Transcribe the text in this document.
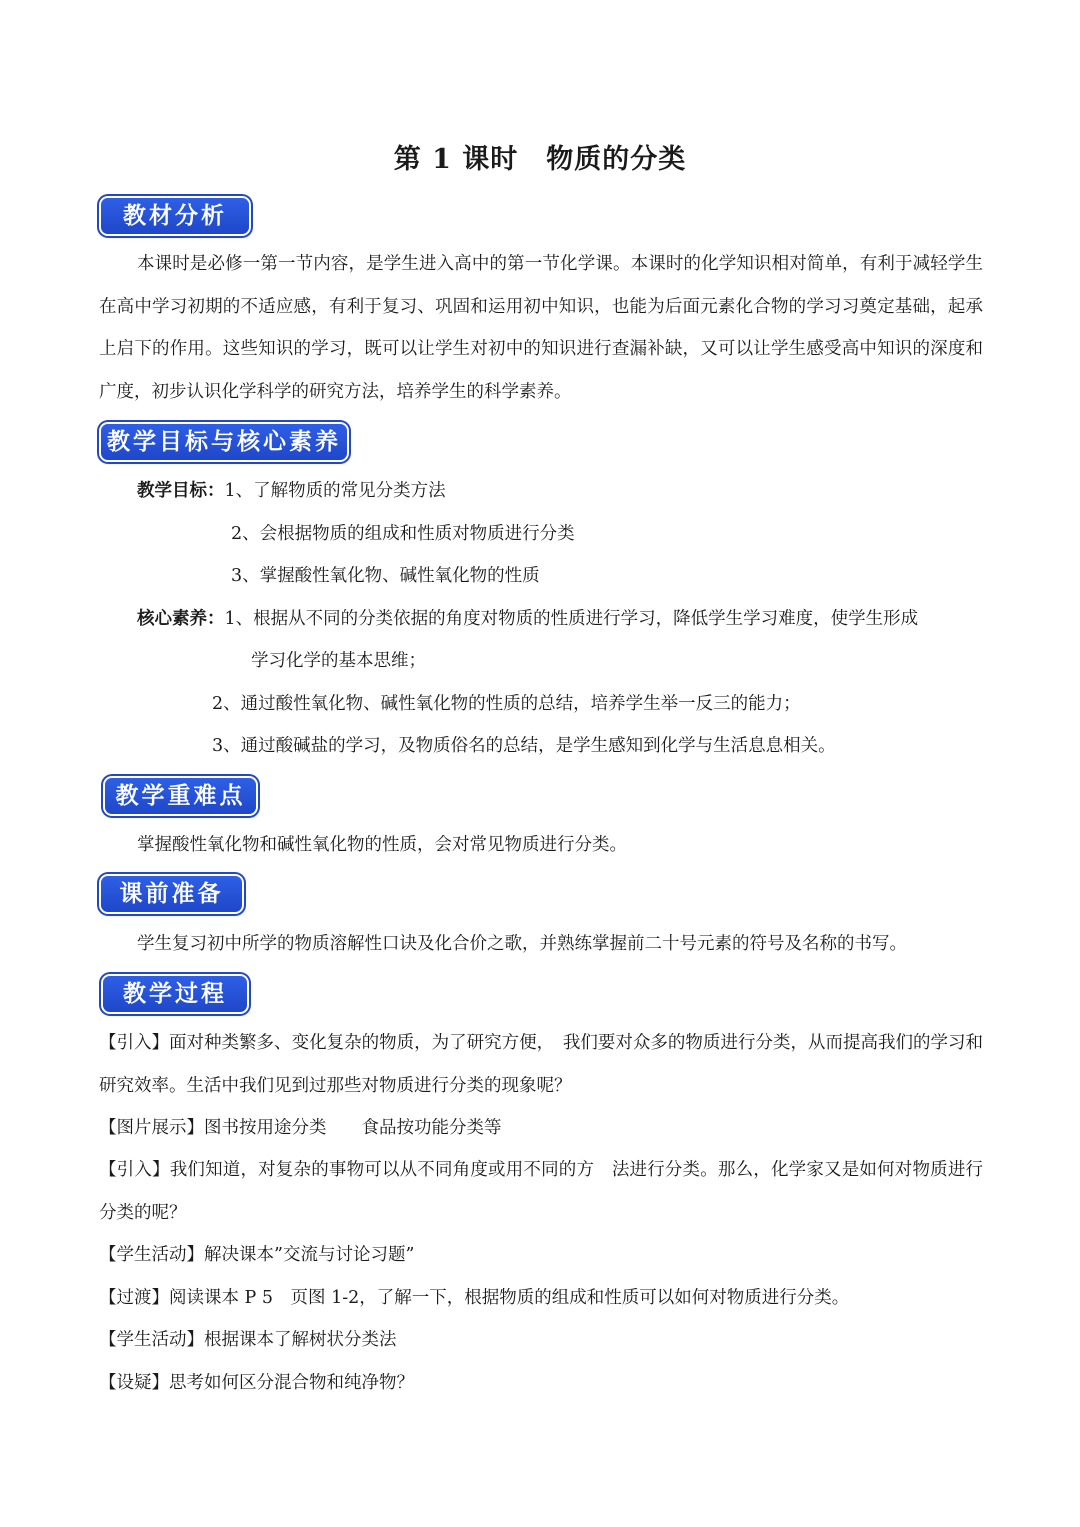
第 1 课时　物质的分类
教材分析

本课时是必修一第一节内容，是学生进入高中的第一节化学课。本课时的化学知识相对简单，有利于减轻学生在高中学习初期的不适应感，有利于复习、巩固和运用初中知识，也能为后面元素化合物的学习习奠定基础，起承上启下的作用。这些知识的学习，既可以让学生对初中的知识进行查漏补缺，又可以让学生感受高中知识的深度和广度，初步认识化学科学的研究方法，培养学生的科学素养。

教学目标与核心素养

教学目标：1、了解物质的常见分类方法

2、会根据物质的组成和性质对物质进行分类

3、掌握酸性氧化物、碱性氧化物的性质

核心素养：1、根据从不同的分类依据的角度对物质的性质进行学习，降低学生学习难度，使学生形成

学习化学的基本思维；

2、通过酸性氧化物、碱性氧化物的性质的总结，培养学生举一反三的能力；

3、通过酸碱盐的学习，及物质俗名的总结，是学生感知到化学与生活息息相关。

教学重难点

掌握酸性氧化物和碱性氧化物的性质，会对常见物质进行分类。

课前准备

学生复习初中所学的物质溶解性口诀及化合价之歌，并熟练掌握前二十号元素的符号及名称的书写。

教学过程

【引入】面对种类繁多、变化复杂的物质，为了研究方便，　我们要对众多的物质进行分类，从而提高我们的学习和　研究效率。生活中我们见到过那些对物质进行分类的现象呢？

【图片展示】图书按用途分类　　食品按功能分类等

【引入】我们知道，对复杂的事物可以从不同角度或用不同的方　法进行分类。那么，化学家又是如何对物质进行分类的呢？

【学生活动】解决课本”交流与讨论习题”

【过渡】阅读课本 P 5　页图 1-2，了解一下，根据物质的组成和性质可以如何对物质进行分类。

【学生活动】根据课本了解树状分类法

【设疑】思考如何区分混合物和纯净物？
